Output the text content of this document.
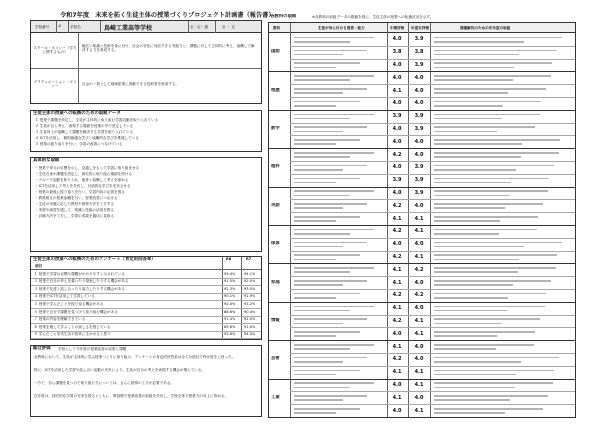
令和7年度　未来を拓く生徒主体の授業づくりプロジェクト計画書（報告書）
学校番号 3	学校名	鳥崎工業高等学校	全・定・通	全 ・ 定
スクール・ポリシー（学力に関するもの）
幅広い知識と技術を身に付け、社会の変化に対応できる実践力と、課題に対して主体的に考え、協働して解決する力を育成する。
グラデュエーション・ポリシー
社会の一員として地域産業に貢献できる技術者を育成する。
生徒主体の授業への転換のための取組データ
１ 授業で課題を設定し、生徒が主体的に取り組む学習活動を取り入れている
２ 生徒が自ら考え、表現する場面を授業の中で設定している
３ 生徒同士が協働して課題を解決する学習を取り入れている
４ ICTを活用し、個別最適な学びと協働的な学びを推進している
５ 授業の振り返りを行い、学習の改善につなげている
具体的な取組
・授業で単元の目標を示し、見通しをもって学習に取り組ませる
・生徒自身が課題を設定し、探究的に取り組む場面を設ける
・グループ活動を取り入れ、他者と協働して考えを深める
・ICTを活用して考えを共有し、対話的な学びを充実させる
・授業の最後に振り返りを行い、学習内容の定着を図る
・教員相互の授業参観を行い、授業改善につなげる
・生徒の実態に応じた教材や指導方法を工夫する
・実習や演習を通して、知識と技能の活用を図る
・評価方法を工夫し、学習の成果を適切に見取る
生徒主体の授業への転換のためのアンケート（肯定的回答率）
項目
R6	R7
１ 授業で学習の目標や課題がわかりやすく示されている	93.4% 94.1%
２ 授業で自分の考えを書いたり発表したりする機会がある	91.5% 92.0%
３ 授業で友達と話し合ったり協力したりする機会がある	92.3% 93.0%
４ 授業でICTを活用して学習している	90.1% 91.9%
５ 授業で学んだことを振り返る機会がある	92.4% 93.2%
６ 授業で自分で課題を見つけて取り組む機会がある	88.6% 90.4%
７ 授業の内容を理解できている	91.4% 92.0%
８ 授業を通して学ぶことの楽しさを感じている	89.6% 91.0%
９ 学んだことを実生活や将来に生かせると思う	93.8% 94.3%
総合評価 学校として今年度の授業改善の成果と課題
各教科において、生徒が主体的に学ぶ授業づくりに取り組み、アンケートの肯定的回答率は全ての項目で昨年度を上回った。
特に、ICTを活用した学習や話し合い活動の充実により、生徒が自分の考えを表現する機会が増えている。
一方で、自ら課題を見つけて取り組む力については、さらに指導の工夫が必要である。
次年度は、探究的な学習の充実を図るとともに、教員間で授業改善の取組を共有し、学校全体で授業力の向上に努める。
各教科の取組	※各教科の取組データの数値を基に、生徒主体の授業への転換状況を示す。
教科	生徒が身に付ける資質・能力	中間評価 年度末評価	課題解決のための次年度の取組
国語
4.0	3.9
3.8	3.8
4.0	3.9
地歴
4.0	4.0
4.1	4.0
4.0	4.0
数学
3.9	3.9
4.0	3.9
4.0	4.0
理科
4.2	4.0
4.0	3.9
3.9	3.9
英語
4.0	3.9
4.2	4.0
4.1	4.1
保体
4.2	4.1
4.0	4.0
4.2	4.1
家庭
4.1	4.2
4.1	4.0
4.2	4.2
情報
4.1	4.0
4.2	4.1
4.0	4.1
芸術
4.1	4.0
4.2	4.0
4.1	4.1
工業
4.0	4.1
4.1	4.0
4.0	4.1
